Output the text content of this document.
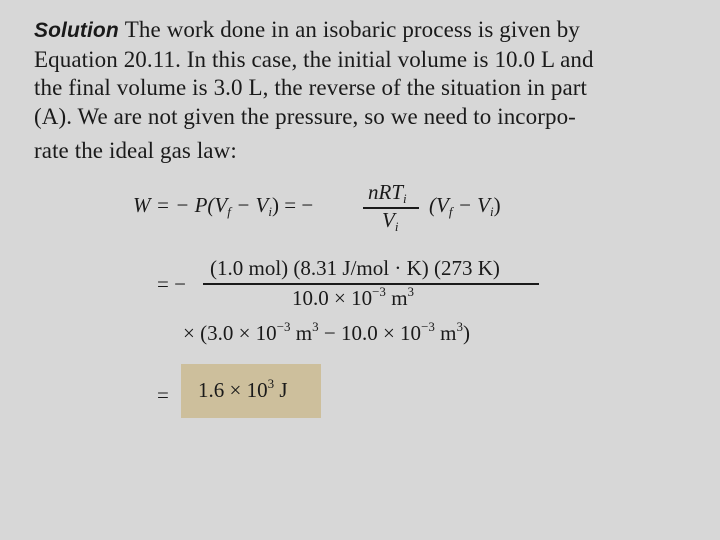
Solution The work done in an isobaric process is given by
Equation 20.11. In this case, the initial volume is 10.0 L and
the final volume is 3.0 L, the reverse of the situation in part
(A). We are not given the pressure, so we need to incorpo-
rate the ideal gas law:
W = − $P(V_f - V_i)$ = −
nRT$_i$
$V_i$
$(V_f - V_i)$
= −
(1.0 mol) (8.31 J/mol · K) (273 K)
$10.0 \times 10^{-3}$ $m^3$
× ($3.0 \times 10^{-3}$ $m^3 - 10.0 \times 10^{-3}$ $m^3$)
= $1.6 \times 10^3$ J
